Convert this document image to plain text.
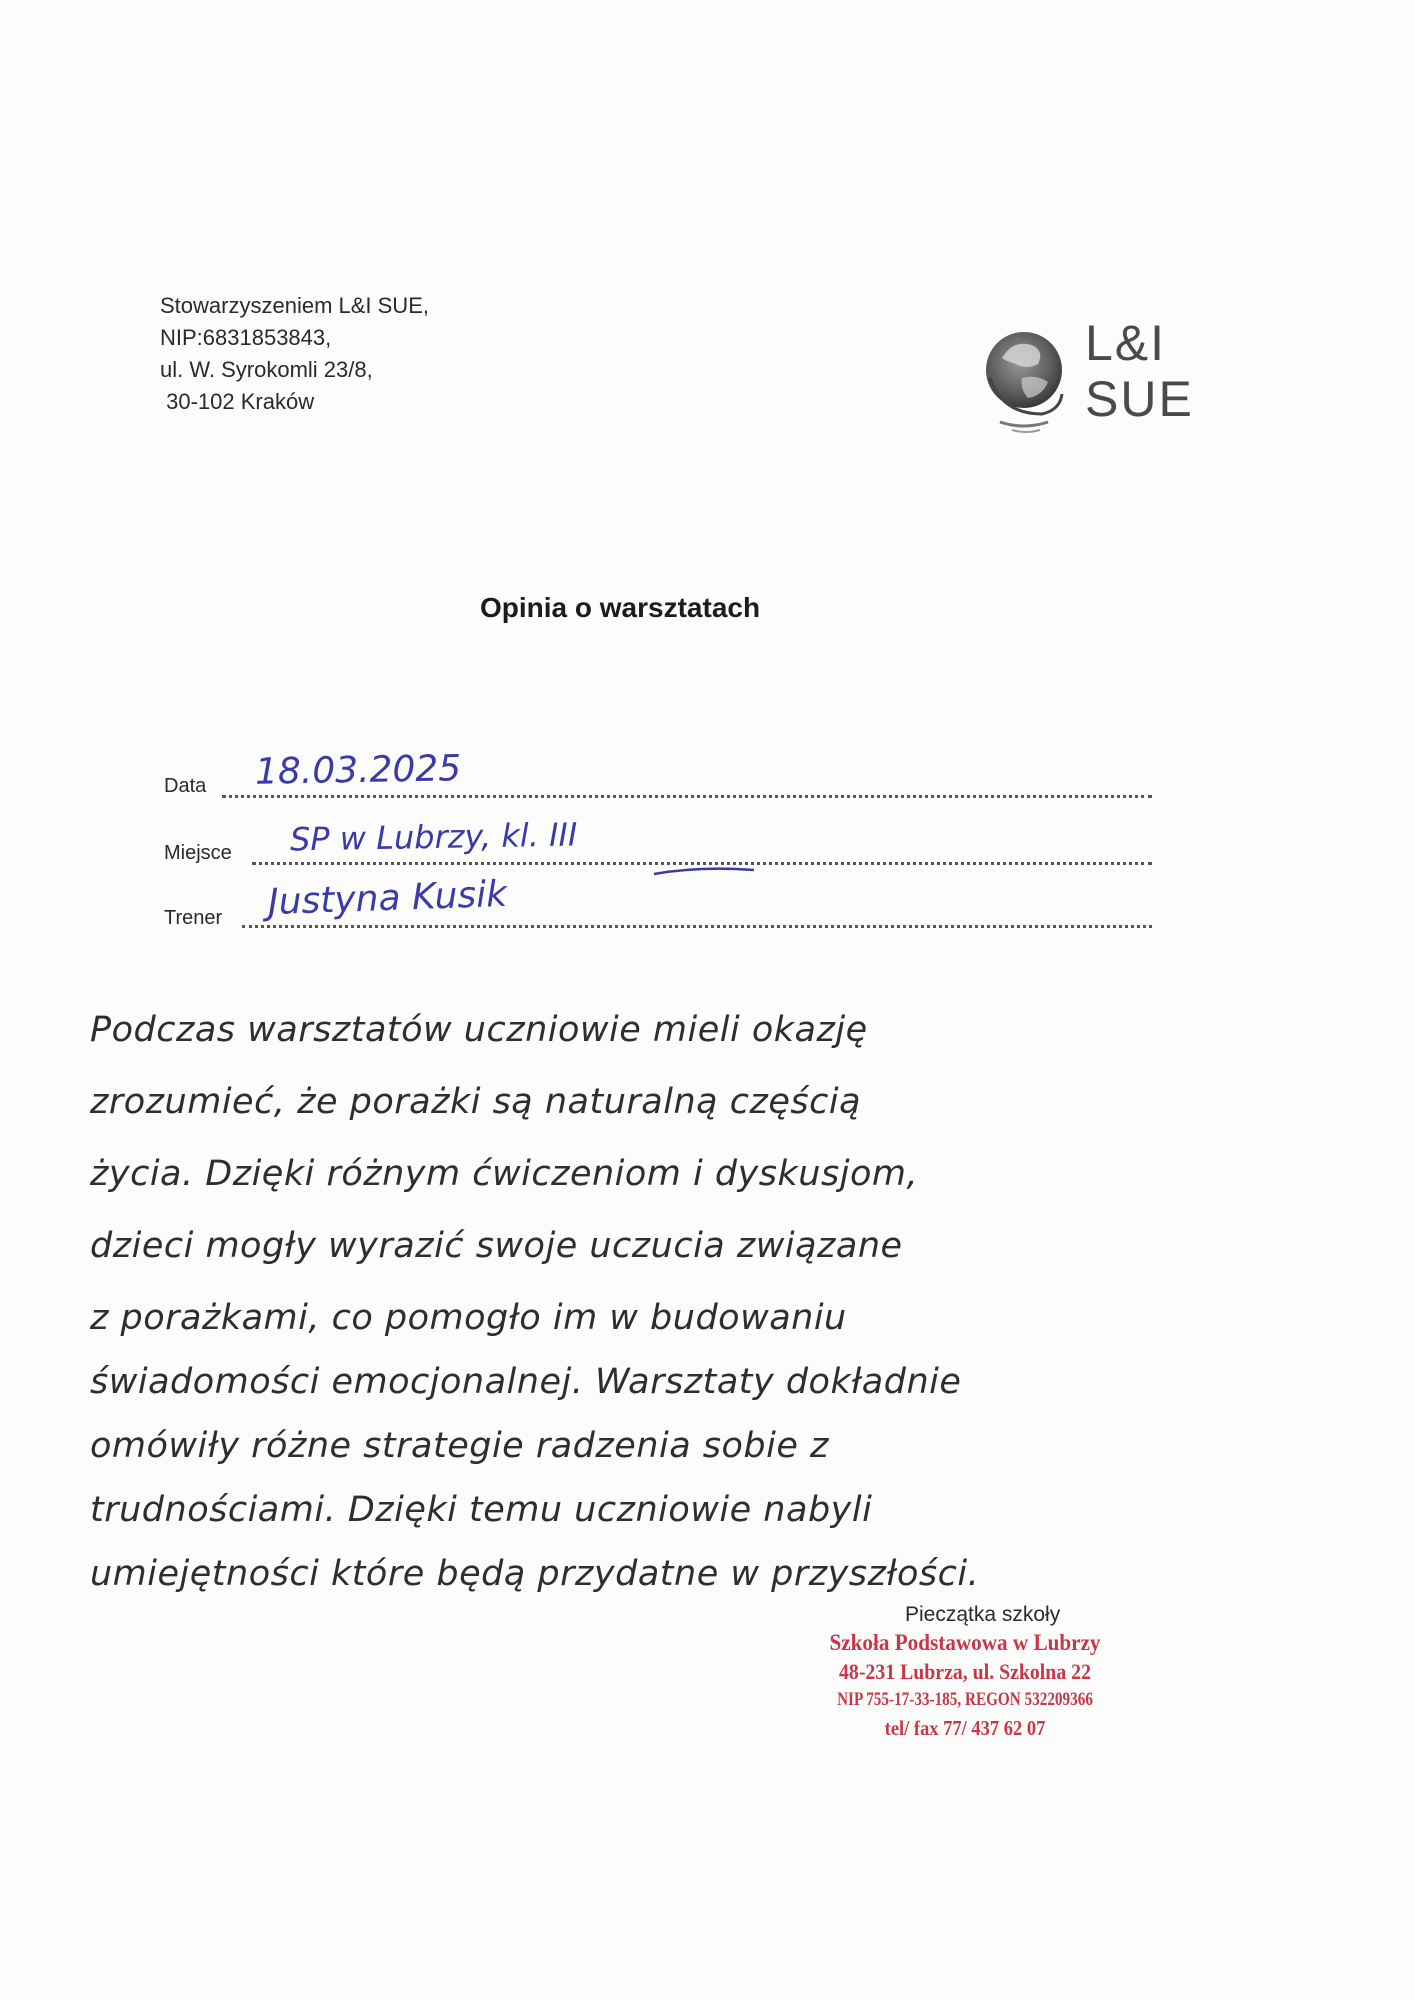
Stowarzyszeniem L&I SUE,
NIP:6831853843,
ul. W. Syrokomli 23/8,
30-102 Kraków
L&I
SUE
Opinia o warsztatach
Data 18.03.2025
Miejsce SP w Lubrzy, kl. III
Trener Justyna Kusik
Podczas warsztatów uczniowie mieli okazję
zrozumieć, że porażki są naturalną częścią
życia. Dzięki różnym ćwiczeniom i dyskusjom,
dzieci mogły wyrazić swoje uczucia związane
z porażkami, co pomogło im w budowaniu
świadomości emocjonalnej. Warsztaty dokładnie
omówiły różne strategie radzenia sobie z
trudnościami. Dzięki temu uczniowie nabyli
umiejętności które będą przydatne w przyszłości.
Pieczątka szkoły
Szkoła Podstawowa w Lubrzy
48-231 Lubrza, ul. Szkolna 22
NIP 755-17-33-185, REGON 532209366
tel/ fax 77/ 437 62 07
